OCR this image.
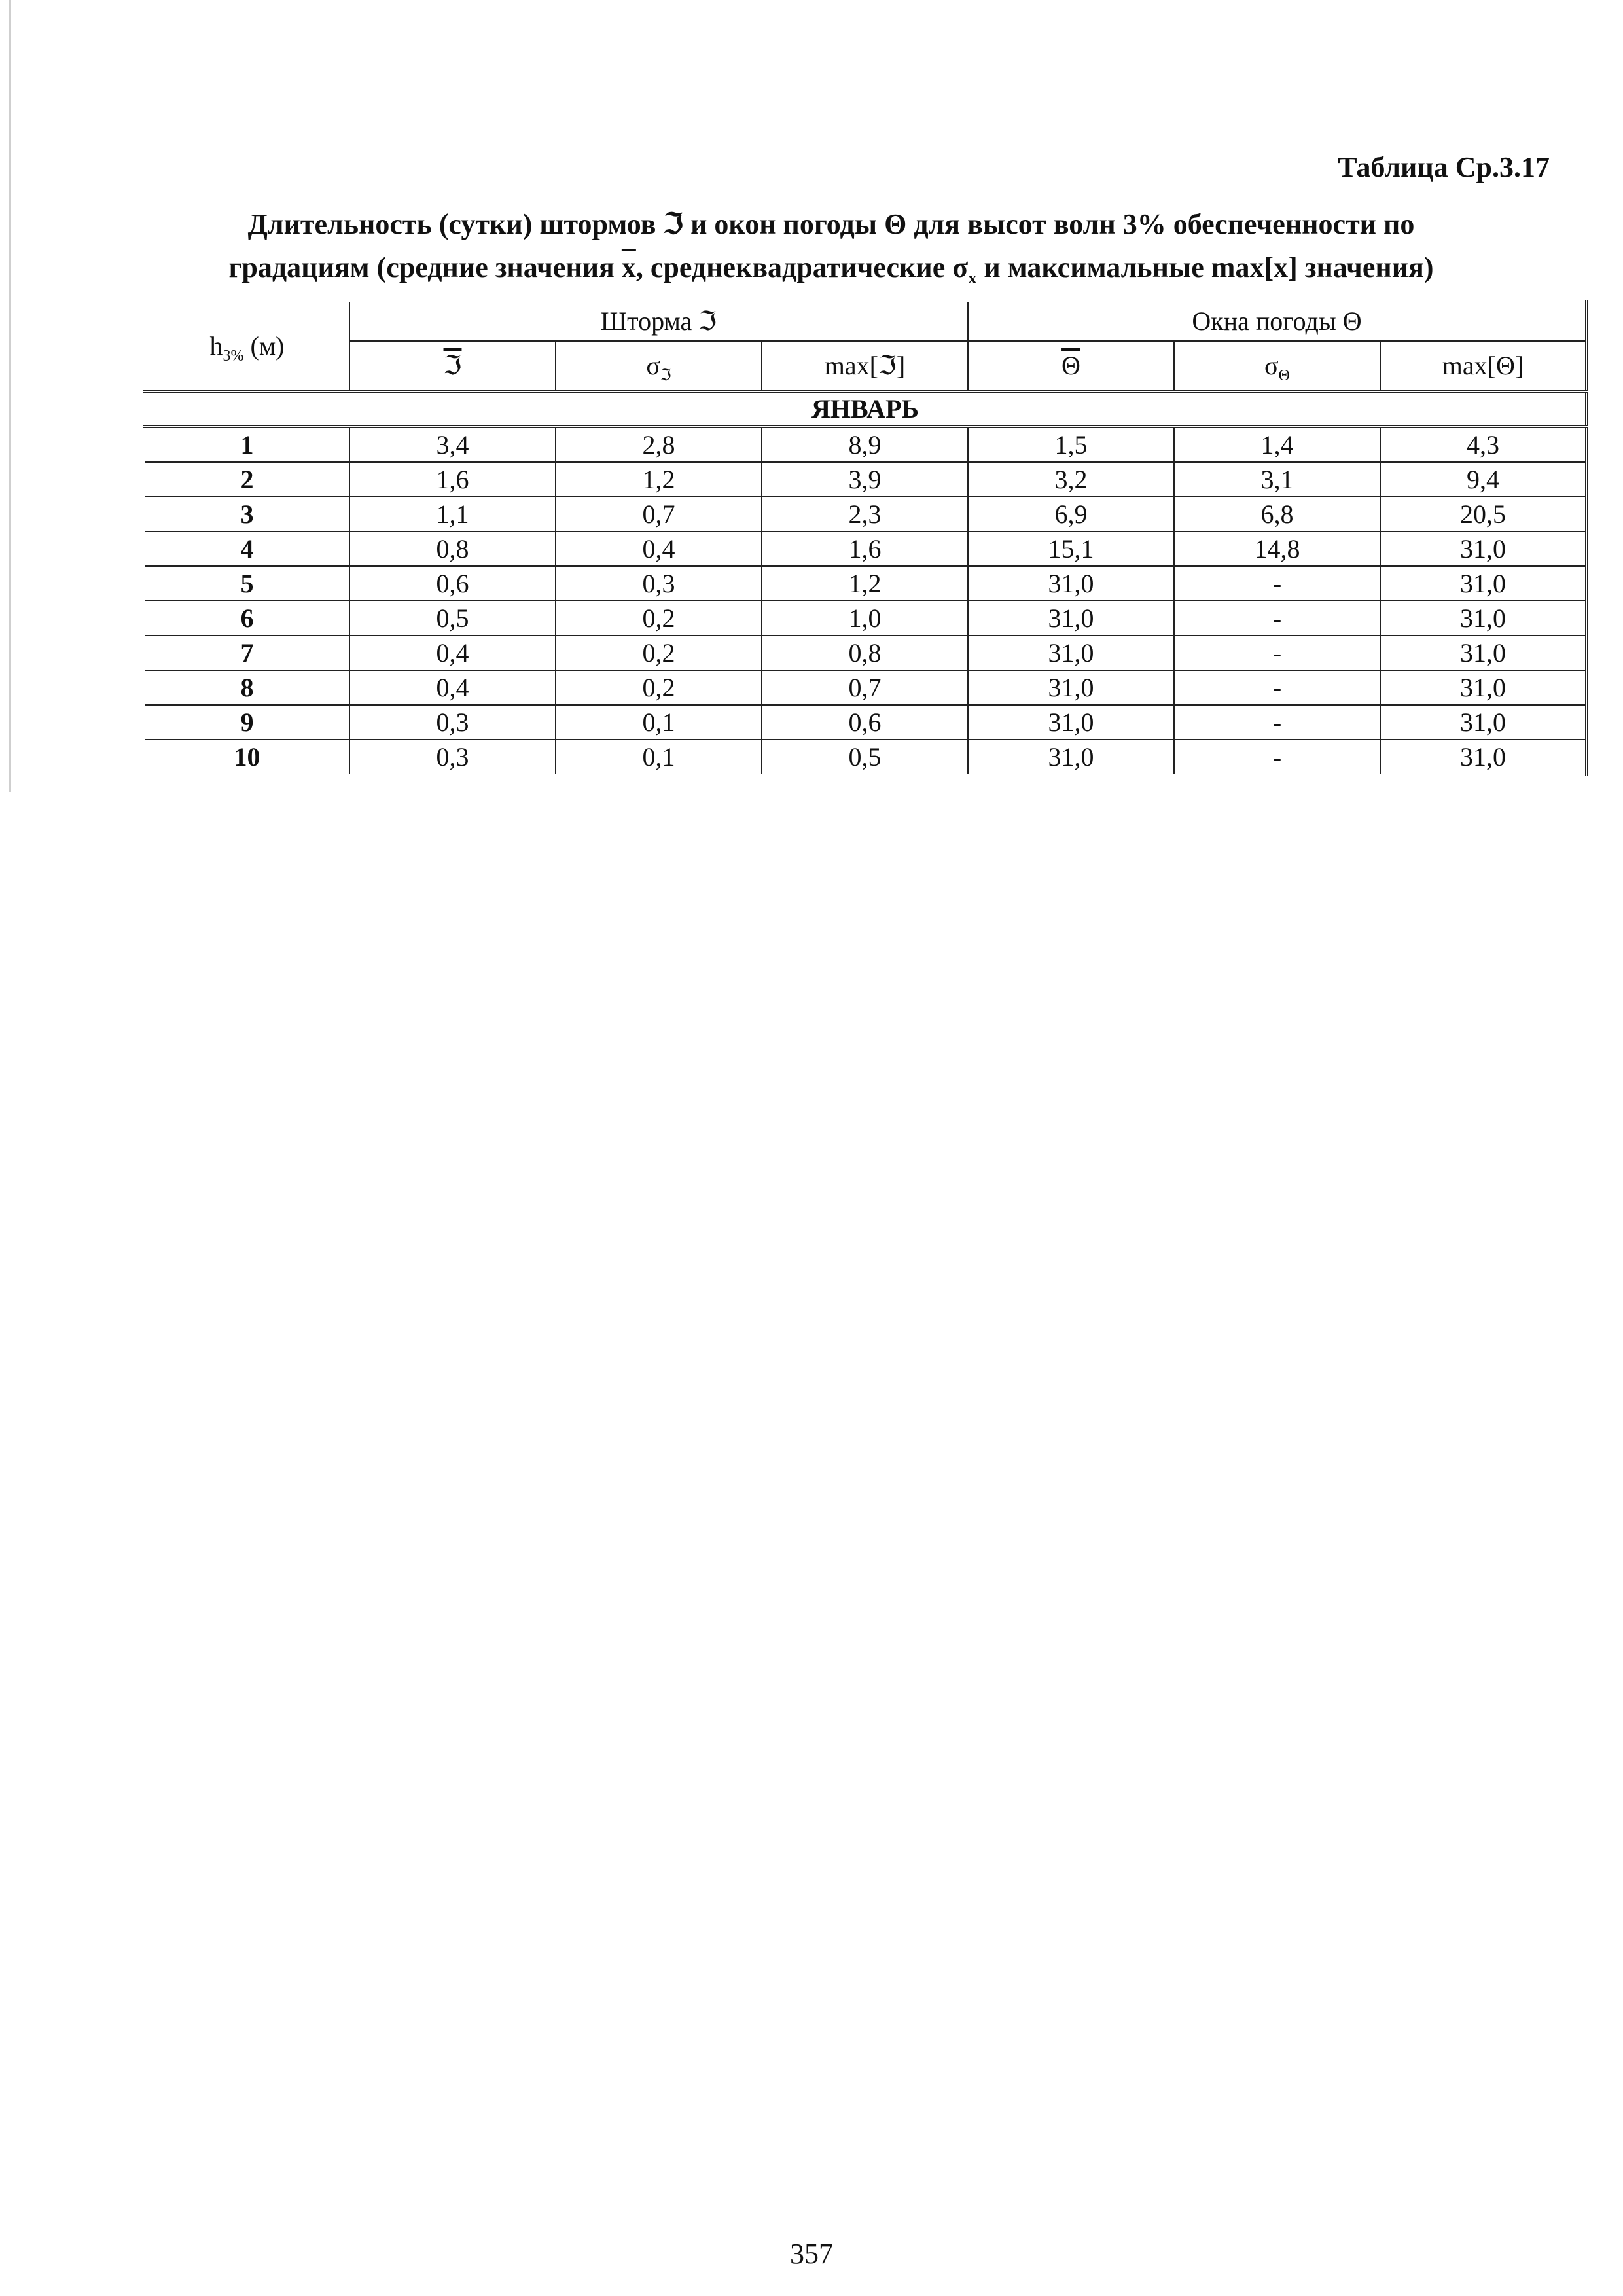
Таблица Ср.3.17
Длительность (сутки) штормов ℑ и окон погоды Θ для высот волн 3% обеспеченности по
градациям (средние значения $\overline{x}$, среднеквадратические $\sigma_x$ и максимальные max[x] значения)
$h_{3\%}$ (м)	Шторма ℑ			Окна погоды Θ		
	ℑ	$\sigma_ℑ$	max[ℑ]	$\overline{\Theta}$	$\sigma_\Theta$	max[Θ]
ЯНВАРЬ						
1	3,4	2,8	8,9	1,5	1,4	4,3
2	1,6	1,2	3,9	3,2	3,1	9,4
3	1,1	0,7	2,3	6,9	6,8	20,5
4	0,8	0,4	1,6	15,1	14,8	31,0
5	0,6	0,3	1,2	31,0	-	31,0
6	0,5	0,2	1,0	31,0	-	31,0
7	0,4	0,2	0,8	31,0	-	31,0
8	0,4	0,2	0,7	31,0	-	31,0
9	0,3	0,1	0,6	31,0	-	31,0
10	0,3	0,1	0,5	31,0	-	31,0
357
